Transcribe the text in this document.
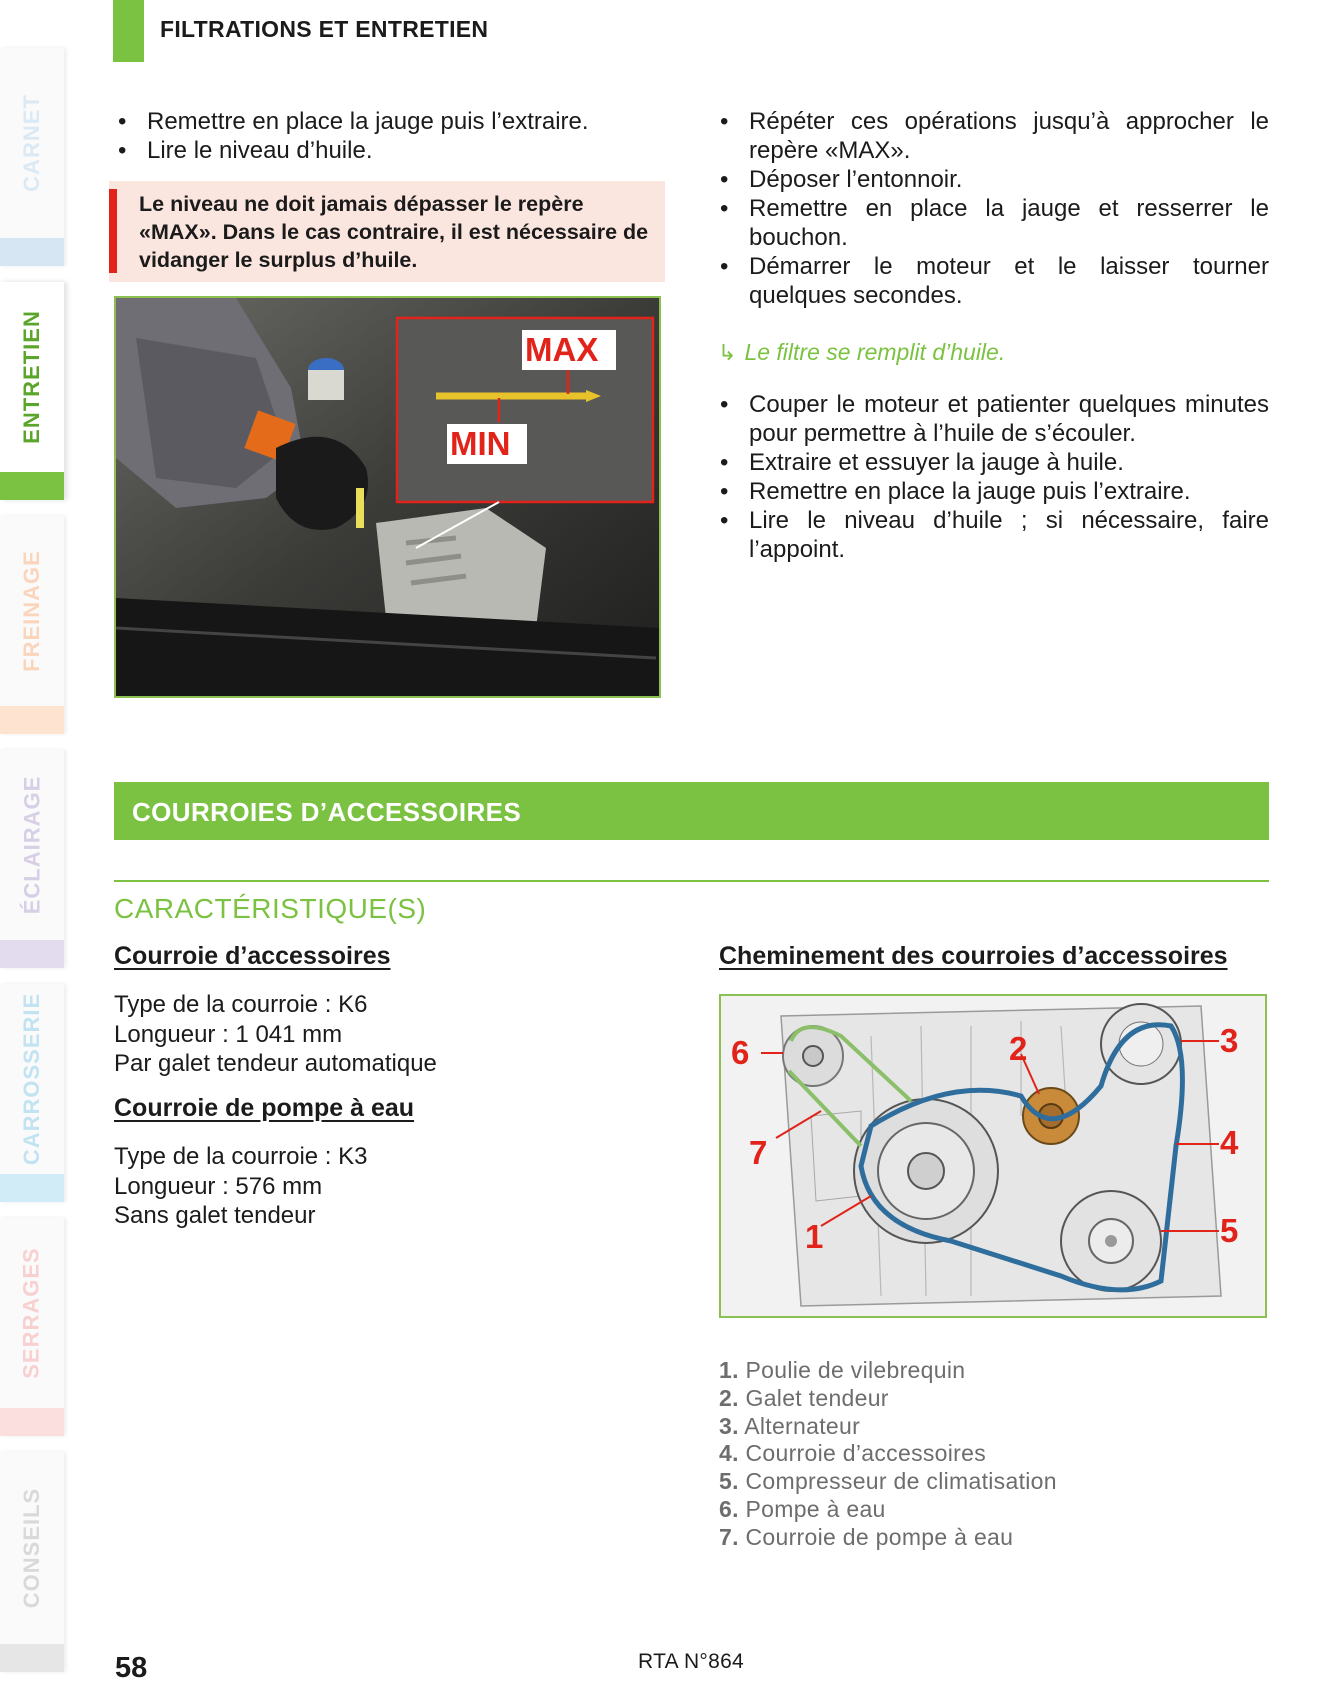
CARNET
ENTRETIEN
FREINAGE
ÉCLAIRAGE
CARROSSERIE
SERRAGES
CONSEILS
FILTRATIONS ET ENTRETIEN
• Remettre en place la jauge puis l’extraire.
• Lire le niveau d’huile.
Le niveau ne doit jamais dépasser le repère «MAX». Dans le cas contraire, il est nécessaire de vidanger le surplus d’huile.
MAX
MIN
• Répéter ces opérations jusqu’à approcher le repère «MAX».
• Déposer l’entonnoir.
• Remettre en place la jauge et resserrer le bouchon.
• Démarrer le moteur et le laisser tourner quelques secondes.
↳ Le filtre se remplit d’huile.
• Couper le moteur et patienter quelques minutes pour permettre à l’huile de s’écouler.
• Extraire et essuyer la jauge à huile.
• Remettre en place la jauge puis l’extraire.
• Lire le niveau d’huile ; si nécessaire, faire l’appoint.
COURROIES D’ACCESSOIRES
CARACTÉRISTIQUE(S)
Courroie d’accessoires
Type de la courroie : K6
Longueur : 1 041 mm
Par galet tendeur automatique
Courroie de pompe à eau
Type de la courroie : K3
Longueur : 576 mm
Sans galet tendeur
Cheminement des courroies d’accessoires
6	2	3
4
7
5
1
1. Poulie de vilebrequin
2. Galet tendeur
3. Alternateur
4. Courroie d’accessoires
5. Compresseur de climatisation
6. Pompe à eau
7. Courroie de pompe à eau
58	RTA N°864
